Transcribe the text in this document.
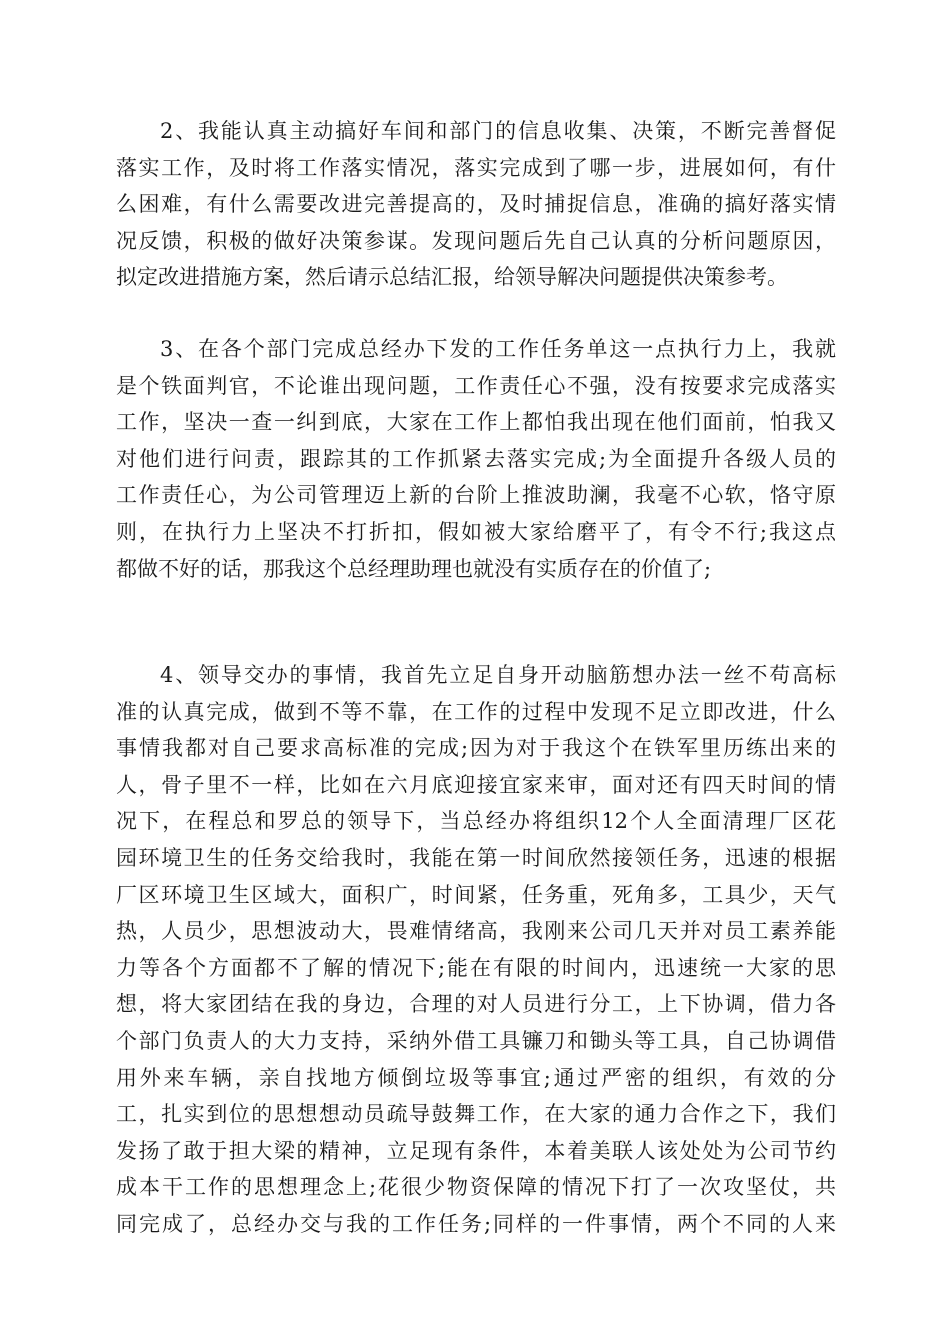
2、我能认真主动搞好车间和部门的信息收集、决策，不断完善督促
落实工作，及时将工作落实情况，落实完成到了哪一步，进展如何，有什
么困难，有什么需要改进完善提高的，及时捕捉信息，准确的搞好落实情
况反馈，积极的做好决策参谋。发现问题后先自己认真的分析问题原因，
拟定改进措施方案，然后请示总结汇报，给领导解决问题提供决策参考。
3、在各个部门完成总经办下发的工作任务单这一点执行力上，我就
是个铁面判官，不论谁出现问题，工作责任心不强，没有按要求完成落实
工作，坚决一查一纠到底，大家在工作上都怕我出现在他们面前，怕我又
对他们进行问责，跟踪其的工作抓紧去落实完成;为全面提升各级人员的
工作责任心，为公司管理迈上新的台阶上推波助澜，我毫不心软，恪守原
则，在执行力上坚决不打折扣，假如被大家给磨平了，有令不行;我这点
都做不好的话，那我这个总经理助理也就没有实质存在的价值了;
4、领导交办的事情，我首先立足自身开动脑筋想办法一丝不苟高标
准的认真完成，做到不等不靠，在工作的过程中发现不足立即改进，什么
事情我都对自己要求高标准的完成;因为对于我这个在铁军里历练出来的
人，骨子里不一样，比如在六月底迎接宜家来审，面对还有四天时间的情
况下，在程总和罗总的领导下，当总经办将组织12个人全面清理厂区花
园环境卫生的任务交给我时，我能在第一时间欣然接领任务，迅速的根据
厂区环境卫生区域大，面积广，时间紧，任务重，死角多，工具少，天气
热，人员少，思想波动大，畏难情绪高，我刚来公司几天并对员工素养能
力等各个方面都不了解的情况下;能在有限的时间内，迅速统一大家的思
想，将大家团结在我的身边，合理的对人员进行分工，上下协调，借力各
个部门负责人的大力支持，采纳外借工具镰刀和锄头等工具，自己协调借
用外来车辆，亲自找地方倾倒垃圾等事宜;通过严密的组织，有效的分
工，扎实到位的思想想动员疏导鼓舞工作，在大家的通力合作之下，我们
发扬了敢于担大梁的精神，立足现有条件，本着美联人该处处为公司节约
成本干工作的思想理念上;花很少物资保障的情况下打了一次攻坚仗，共
同完成了，总经办交与我的工作任务;同样的一件事情，两个不同的人来
